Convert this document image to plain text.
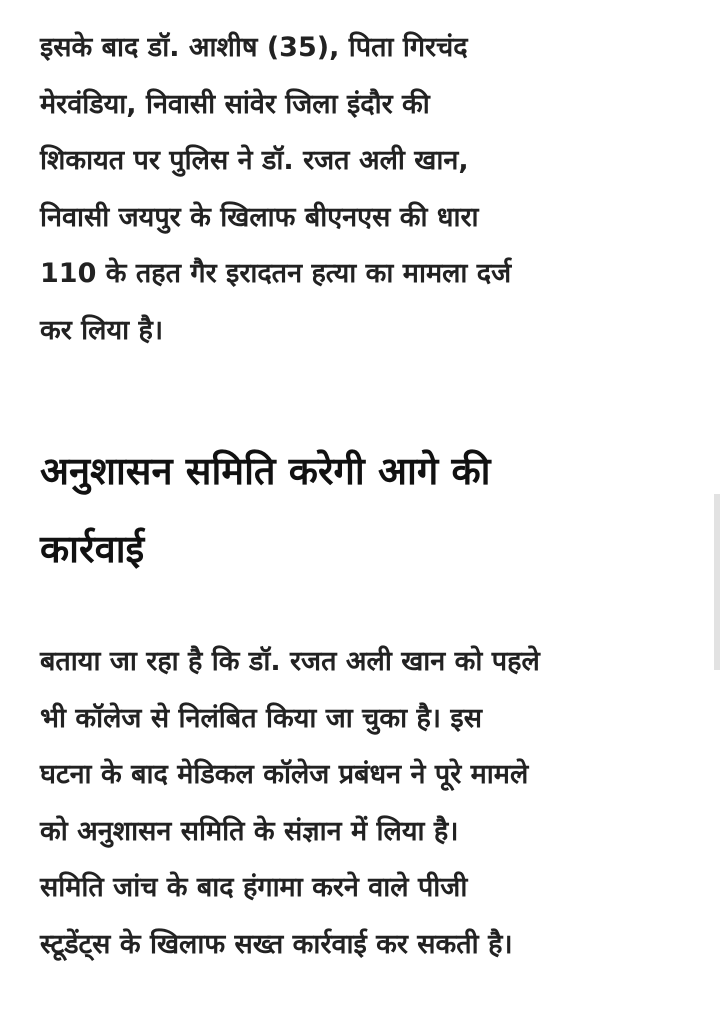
इसके बाद डॉ. आशीष (35), पिता गिरचंद
मेरवंडिया, निवासी सांवेर जिला इंदौर की
शिकायत पर पुलिस ने डॉ. रजत अली खान,
निवासी जयपुर के खिलाफ बीएनएस की धारा
110 के तहत गैर इरादतन हत्या का मामला दर्ज
कर लिया है।

अनुशासन समिति करेगी आगे की
कार्रवाई

बताया जा रहा है कि डॉ. रजत अली खान को पहले
भी कॉलेज से निलंबित किया जा चुका है। इस
घटना के बाद मेडिकल कॉलेज प्रबंधन ने पूरे मामले
को अनुशासन समिति के संज्ञान में लिया है।
समिति जांच के बाद हंगामा करने वाले पीजी
स्टूडेंट्स के खिलाफ सख्त कार्रवाई कर सकती है।
